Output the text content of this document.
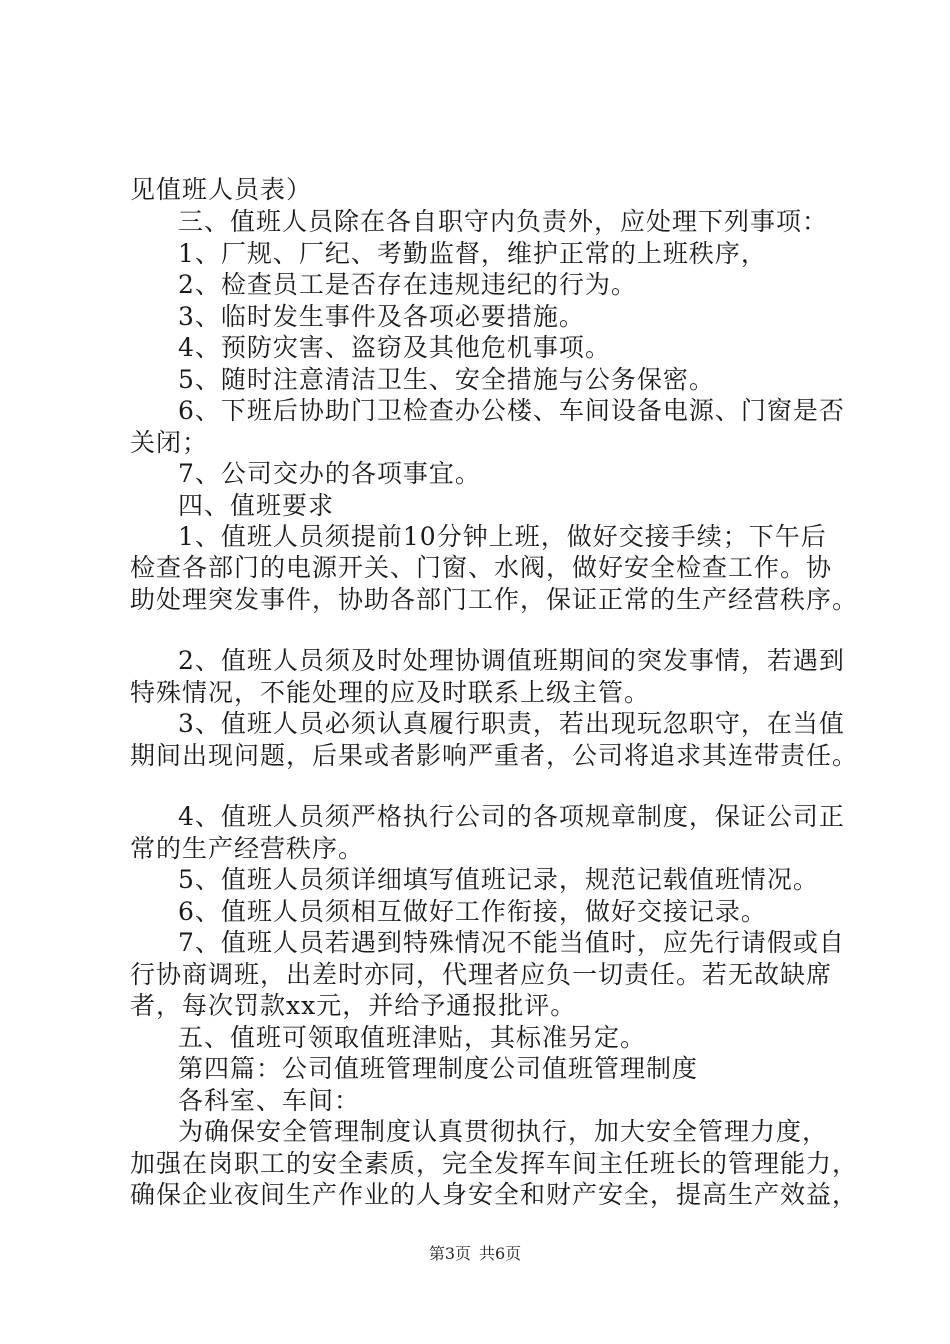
见值班人员表）
三、值班人员除在各自职守内负责外，应处理下列事项：
1、厂规、厂纪、考勤监督，维护正常的上班秩序，
2、检查员工是否存在违规违纪的行为。
3、临时发生事件及各项必要措施。
4、预防灾害、盗窃及其他危机事项。
5、随时注意清洁卫生、安全措施与公务保密。
6、下班后协助门卫检查办公楼、车间设备电源、门窗是否
关闭；
7、公司交办的各项事宜。
四、值班要求
1、值班人员须提前10分钟上班，做好交接手续；下午后
检查各部门的电源开关、门窗、水阀，做好安全检查工作。协
助处理突发事件，协助各部门工作，保证正常的生产经营秩序。
2、值班人员须及时处理协调值班期间的突发事情，若遇到
特殊情况，不能处理的应及时联系上级主管。
3、值班人员必须认真履行职责，若出现玩忽职守，在当值
期间出现问题，后果或者影响严重者，公司将追求其连带责任。
4、值班人员须严格执行公司的各项规章制度，保证公司正
常的生产经营秩序。
5、值班人员须详细填写值班记录，规范记载值班情况。
6、值班人员须相互做好工作衔接，做好交接记录。
7、值班人员若遇到特殊情况不能当值时，应先行请假或自
行协商调班，出差时亦同，代理者应负一切责任。若无故缺席
者，每次罚款xx元，并给予通报批评。
五、值班可领取值班津贴，其标准另定。
第四篇：公司值班管理制度公司值班管理制度
各科室、车间：
为确保安全管理制度认真贯彻执行，加大安全管理力度，
加强在岗职工的安全素质，完全发挥车间主任班长的管理能力，
确保企业夜间生产作业的人身安全和财产安全，提高生产效益，
第3页 共6页
